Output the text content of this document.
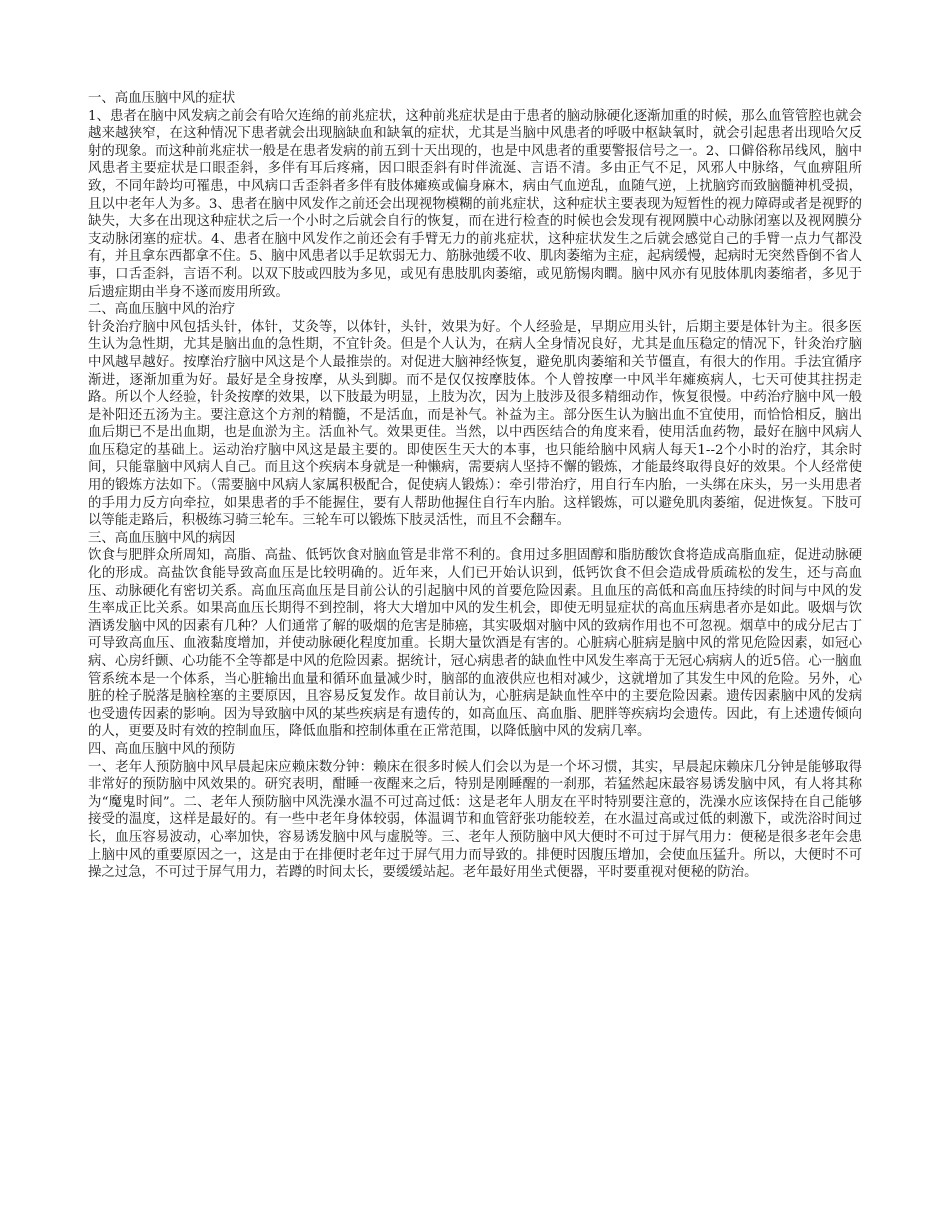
一、高血压脑中风的症状

1、患者在脑中风发病之前会有哈欠连绵的前兆症状，这种前兆症状是由于患者的脑动脉硬化逐渐加重的时候，那么血管管腔也就会越来越狭窄，在这种情况下患者就会出现脑缺血和缺氧的症状，尤其是当脑中风患者的呼吸中枢缺氧时，就会引起患者出现哈欠反射的现象。而这种前兆症状一般是在患者发病的前五到十天出现的，也是中风患者的重要警报信号之一。2、口僻俗称吊线风，脑中风患者主要症状是口眼歪斜，多伴有耳后疼痛，因口眼歪斜有时伴流涎、言语不清。多由正气不足，风邪人中脉络，气血痹阻所致，不同年龄均可罹患，中风病口舌歪斜者多伴有肢体瘫痪或偏身麻木，病由气血逆乱，血随气逆，上扰脑窍而致脑髓神机受损，且以中老年人为多。3、患者在脑中风发作之前还会出现视物模糊的前兆症状，这种症状主要表现为短暂性的视力障碍或者是视野的缺失，大多在出现这种症状之后一个小时之后就会自行的恢复，而在进行检查的时候也会发现有视网膜中心动脉闭塞以及视网膜分支动脉闭塞的症状。4、患者在脑中风发作之前还会有手臂无力的前兆症状，这种症状发生之后就会感觉自己的手臂一点力气都没有，并且拿东西都拿不住。5、脑中风患者以手足软弱无力、筋脉弛缓不收、肌肉萎缩为主症，起病缓慢，起病时无突然昏倒不省人事，口舌歪斜，言语不利。以双下肢或四肢为多见，或见有患肢肌肉萎缩，或见筋惕肉瞤。脑中风亦有见肢体肌肉萎缩者，多见于后遗症期由半身不遂而废用所致。

二、高血压脑中风的治疗

针灸治疗脑中风包括头针，体针，艾灸等，以体针，头针，效果为好。个人经验是，早期应用头针，后期主要是体针为主。很多医生认为急性期，尤其是脑出血的急性期，不宜针灸。但是个人认为，在病人全身情况良好，尤其是血压稳定的情况下，针灸治疗脑中风越早越好。按摩治疗脑中风这是个人最推崇的。对促进大脑神经恢复，避免肌肉萎缩和关节僵直，有很大的作用。手法宜循序渐进，逐渐加重为好。最好是全身按摩，从头到脚。而不是仅仅按摩肢体。个人曾按摩一中风半年瘫痪病人，七天可使其拄拐走路。所以个人经验，针灸按摩的效果，以下肢最为明显，上肢为次，因为上肢涉及很多精细动作，恢复很慢。中药治疗脑中风一般是补阳还五汤为主。要注意这个方剂的精髓，不是活血，而是补气。补益为主。部分医生认为脑出血不宜使用，而恰恰相反，脑出血后期已不是出血期，也是血淤为主。活血补气。效果更佳。当然，以中西医结合的角度来看，使用活血药物，最好在脑中风病人血压稳定的基础上。运动治疗脑中风这是最主要的。即使医生天大的本事，也只能给脑中风病人每天1--2个小时的治疗，其余时间，只能靠脑中风病人自己。而且这个疾病本身就是一种懒病，需要病人坚持不懈的锻炼，才能最终取得良好的效果。个人经常使用的锻炼方法如下。（需要脑中风病人家属积极配合，促使病人锻炼）：牵引带治疗，用自行车内胎，一头绑在床头，另一头用患者的手用力反方向牵拉，如果患者的手不能握住，要有人帮助他握住自行车内胎。这样锻炼，可以避免肌肉萎缩，促进恢复。下肢可以等能走路后，积极练习骑三轮车。三轮车可以锻炼下肢灵活性，而且不会翻车。

三、高血压脑中风的病因

饮食与肥胖众所周知，高脂、高盐、低钙饮食对脑血管是非常不利的。食用过多胆固醇和脂肪酸饮食将造成高脂血症，促进动脉硬化的形成。高盐饮食能导致高血压是比较明确的。近年来，人们已开始认识到，低钙饮食不但会造成骨质疏松的发生，还与高血压、动脉硬化有密切关系。高血压高血压是目前公认的引起脑中风的首要危险因素。且血压的高低和高血压持续的时间与中风的发生率成正比关系。如果高血压长期得不到控制，将大大增加中风的发生机会，即使无明显症状的高血压病患者亦是如此。吸烟与饮酒诱发脑中风的因素有几种？人们通常了解的吸烟的危害是肺癌，其实吸烟对脑中风的致病作用也不可忽视。烟草中的成分尼古丁可导致高血压、血液黏度增加，并使动脉硬化程度加重。长期大量饮酒是有害的。心脏病心脏病是脑中风的常见危险因素，如冠心病、心房纤颤、心功能不全等都是中风的危险因素。据统计，冠心病患者的缺血性中风发生率高于无冠心病病人的近5倍。心一脑血管系统本是一个体系，当心脏输出血量和循环血量减少时，脑部的血液供应也相对减少，这就增加了其发生中风的危险。另外，心脏的栓子脱落是脑栓塞的主要原因，且容易反复发作。故目前认为，心脏病是缺血性卒中的主要危险因素。遗传因素脑中风的发病也受遗传因素的影响。因为导致脑中风的某些疾病是有遗传的，如高血压、高血脂、肥胖等疾病均会遗传。因此，有上述遗传倾向的人，更要及时有效的控制血压，降低血脂和控制体重在正常范围，以降低脑中风的发病几率。

四、高血压脑中风的预防

一、老年人预防脑中风早晨起床应赖床数分钟：赖床在很多时候人们会以为是一个坏习惯，其实，早晨起床赖床几分钟是能够取得非常好的预防脑中风效果的。研究表明，酣睡一夜醒来之后，特别是刚睡醒的一刹那，若猛然起床最容易诱发脑中风，有人将其称为“魔鬼时间”。二、老年人预防脑中风洗澡水温不可过高过低：这是老年人朋友在平时特别要注意的，洗澡水应该保持在自己能够接受的温度，这样是最好的。有一些中老年身体较弱，体温调节和血管舒张功能较差，在水温过高或过低的刺激下，或洗浴时间过长，血压容易波动，心率加快，容易诱发脑中风与虚脱等。三、老年人预防脑中风大便时不可过于屏气用力：便秘是很多老年会患上脑中风的重要原因之一，这是由于在排便时老年过于屏气用力而导致的。排便时因腹压增加，会使血压猛升。所以，大便时不可操之过急，不可过于屏气用力，若蹲的时间太长，要缓缓站起。老年最好用坐式便器，平时要重视对便秘的防治。
